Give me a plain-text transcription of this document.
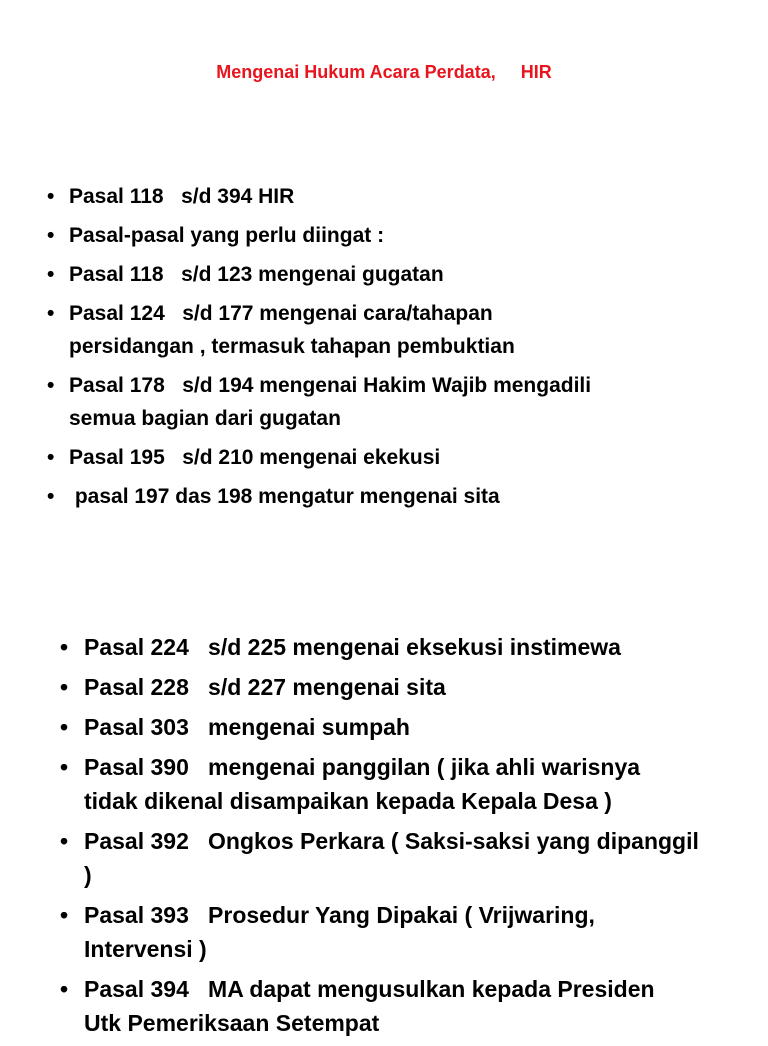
Mengenai Hukum Acara Perdata,     HIR
• Pasal 118   s/d 394 HIR
• Pasal-pasal yang perlu diingat :
• Pasal 118   s/d 123 mengenai gugatan
• Pasal 124   s/d 177 mengenai cara/tahapan
persidangan , termasuk tahapan pembuktian
• Pasal 178   s/d 194 mengenai Hakim Wajib mengadili
semua bagian dari gugatan
• Pasal 195   s/d 210 mengenai ekekusi
• pasal 197 das 198 mengatur mengenai sita
• Pasal 224   s/d 225 mengenai eksekusi instimewa
• Pasal 228   s/d 227 mengenai sita
• Pasal 303   mengenai sumpah
• Pasal 390   mengenai panggilan ( jika ahli warisnya
tidak dikenal disampaikan kepada Kepala Desa )
• Pasal 392   Ongkos Perkara ( Saksi-saksi yang dipanggil
)
• Pasal 393   Prosedur Yang Dipakai ( Vrijwaring,
Intervensi )
• Pasal 394   MA dapat mengusulkan kepada Presiden
Utk Pemeriksaan Setempat
